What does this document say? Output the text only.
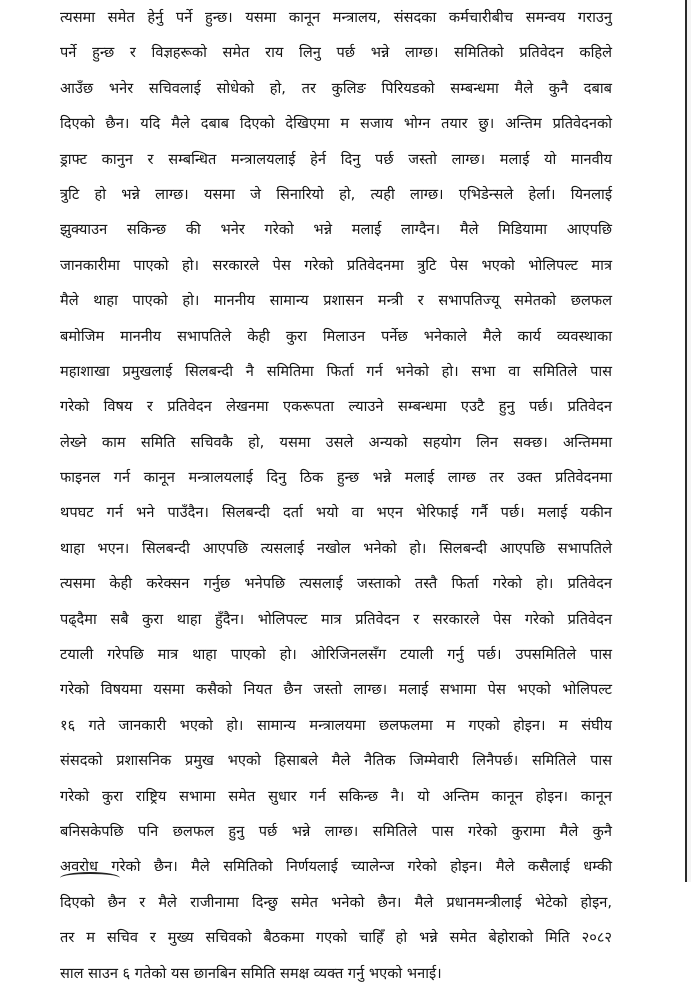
त्यसमा समेत हेर्नु पर्ने हुन्छ। यसमा कानून मन्त्रालय, संसदका कर्मचारीबीच समन्वय गराउनु
पर्ने हुन्छ र विज्ञहरूको समेत राय लिनु पर्छ भन्ने लाग्छ। समितिको प्रतिवेदन कहिले
आउँछ भनेर सचिवलाई सोधेको हो, तर कुलिङ पिरियडको सम्बन्धमा मैले कुनै दबाब
दिएको छैन। यदि मैले दबाब दिएको देखिएमा म सजाय भोग्न तयार छु। अन्तिम प्रतिवेदनको
ड्राफ्ट कानुन र सम्बन्धित मन्त्रालयलाई हेर्न दिनु पर्छ जस्तो लाग्छ। मलाई यो मानवीय
त्रुटि हो भन्ने लाग्छ। यसमा जे सिनारियो हो, त्यही लाग्छ। एभिडेन्सले हेर्ला। यिनलाई
झुक्याउन सकिन्छ की भनेर गरेको भन्ने मलाई लाग्दैन। मैले मिडियामा आएपछि
जानकारीमा पाएको हो। सरकारले पेस गरेको प्रतिवेदनमा त्रुटि पेस भएको भोलिपल्ट मात्र
मैले थाहा पाएको हो। माननीय सामान्य प्रशासन मन्त्री र सभापतिज्यू समेतको छलफल
बमोजिम माननीय सभापतिले केही कुरा मिलाउन पर्नेछ भनेकाले मैले कार्य व्यवस्थाका
महाशाखा प्रमुखलाई सिलबन्दी नै समितिमा फिर्ता गर्न भनेको हो। सभा वा समितिले पास
गरेको विषय र प्रतिवेदन लेखनमा एकरूपता ल्याउने सम्बन्धमा एउटै हुनु पर्छ। प्रतिवेदन
लेख्ने काम समिति सचिवकै हो, यसमा उसले अन्यको सहयोग लिन सक्छ। अन्तिममा
फाइनल गर्न कानून मन्त्रालयलाई दिनु ठिक हुन्छ भन्ने मलाई लाग्छ तर उक्त प्रतिवेदनमा
थपघट गर्न भने पाउँदैन। सिलबन्दी दर्ता भयो वा भएन भेरिफाई गर्नै पर्छ। मलाई यकीन
थाहा भएन। सिलबन्दी आएपछि त्यसलाई नखोल भनेको हो। सिलबन्दी आएपछि सभापतिले
त्यसमा केही करेक्सन गर्नुछ भनेपछि त्यसलाई जस्ताको तस्तै फिर्ता गरेको हो। प्रतिवेदन
पढ्दैमा सबै कुरा थाहा हुँदैन। भोलिपल्ट मात्र प्रतिवेदन र सरकारले पेस गरेको प्रतिवेदन
टयाली गरेपछि मात्र थाहा पाएको हो। ओरिजिनलसँग टयाली गर्नु पर्छ। उपसमितिले पास
गरेको विषयमा यसमा कसैको नियत छैन जस्तो लाग्छ। मलाई सभामा पेस भएको भोलिपल्ट
१६ गते जानकारी भएको हो। सामान्य मन्त्रालयमा छलफलमा म गएको होइन। म संघीय
संसदको प्रशासनिक प्रमुख भएको हिसाबले मैले नैतिक जिम्मेवारी लिनैपर्छ। समितिले पास
गरेको कुरा राष्ट्रिय सभामा समेत सुधार गर्न सकिन्छ नै। यो अन्तिम कानून होइन। कानून
बनिसकेपछि पनि छलफल हुनु पर्छ भन्ने लाग्छ। समितिले पास गरेको कुरामा मैले कुनै
अवरोध गरेको छैन। मैले समितिको निर्णयलाई च्यालेन्ज गरेको होइन। मैले कसैलाई धम्की
दिएको छैन र मैले राजीनामा दिन्छु समेत भनेको छैन। मैले प्रधानमन्त्रीलाई भेटेको होइन,
तर म सचिव र मुख्य सचिवको बैठकमा गएको चाहिँ हो भन्ने समेत बेहोराको मिति २०८२
साल साउन ६ गतेको यस छानबिन समिति समक्ष व्यक्त गर्नु भएको भनाई।
